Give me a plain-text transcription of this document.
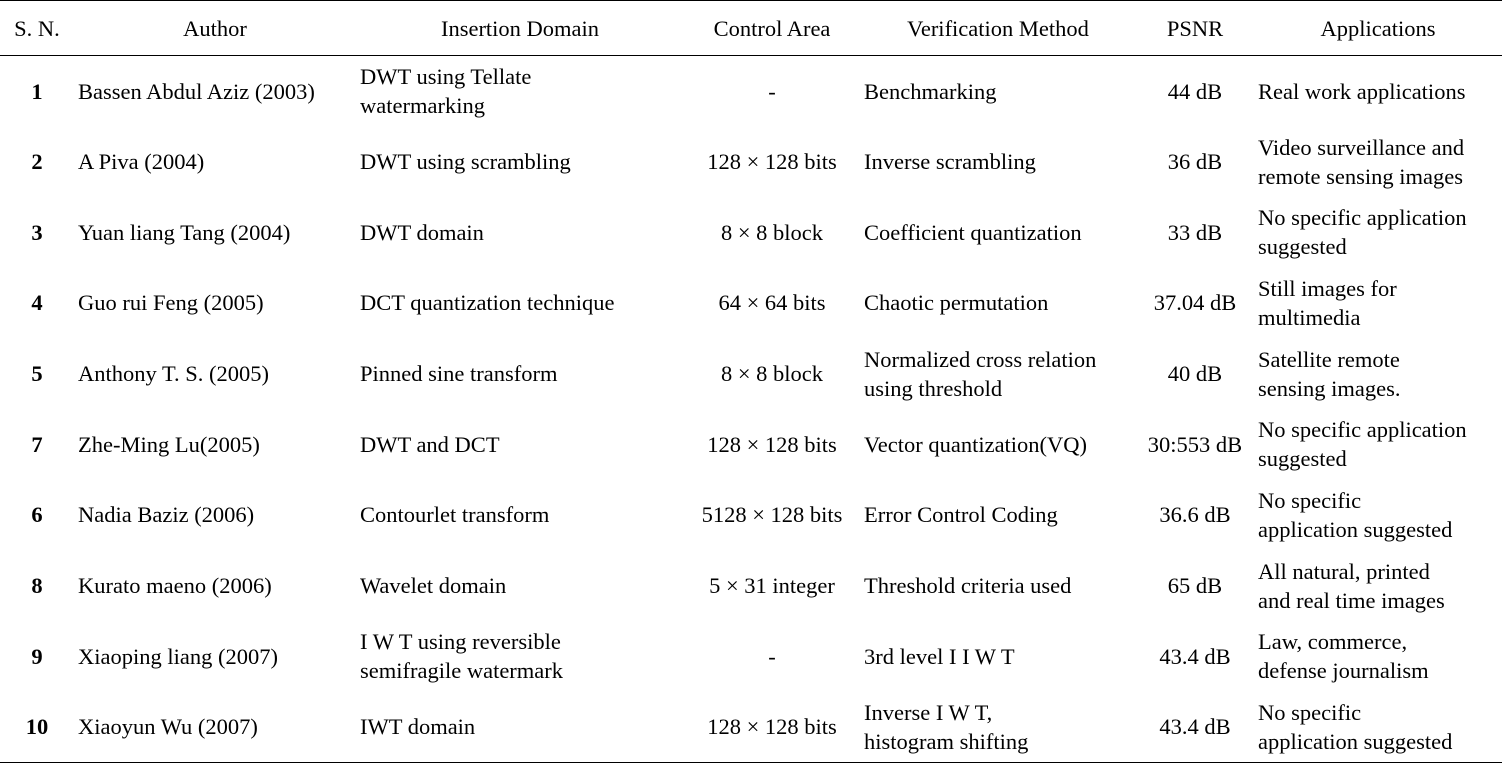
S. N.	Author	Insertion Domain	Control Area	Verification Method	PSNR	Applications
1	Bassen Abdul Aziz (2003)	DWT using Tellate
watermarking	-	Benchmarking	44 dB	Real work applications

2	A Piva (2004)	DWT using scrambling	128 × 128 bits	Inverse scrambling	36 dB	Video surveillance and
remote sensing images

3	Yuan liang Tang (2004)	DWT domain	8 × 8 block	Coefficient quantization	33 dB	No specific application
suggested

4	Guo rui Feng (2005)	DCT quantization technique	64 × 64 bits	Chaotic permutation	37.04 dB	Still images for
multimedia

5	Anthony T. S. (2005)	Pinned sine transform	8 × 8 block	Normalized cross relation
using threshold	40 dB	Satellite remote
sensing images.

7	Zhe-Ming Lu(2005)	DWT and DCT	128 × 128 bits	Vector quantization(VQ)	30:553 dB	No specific application
suggested

6	Nadia Baziz (2006)	Contourlet transform	5128 × 128 bits	Error Control Coding	36.6 dB	No specific
application suggested

8	Kurato maeno (2006)	Wavelet domain	5 × 31 integer	Threshold criteria used	65 dB	All natural, printed
and real time images

9	Xiaoping liang (2007)	I W T using reversible
semifragile watermark	-	3rd level I I W T	43.4 dB	Law, commerce,
defense journalism

10	Xiaoyun Wu (2007)	IWT domain	128 × 128 bits	Inverse I W T,
histogram shifting	43.4 dB	No specific
application suggested
